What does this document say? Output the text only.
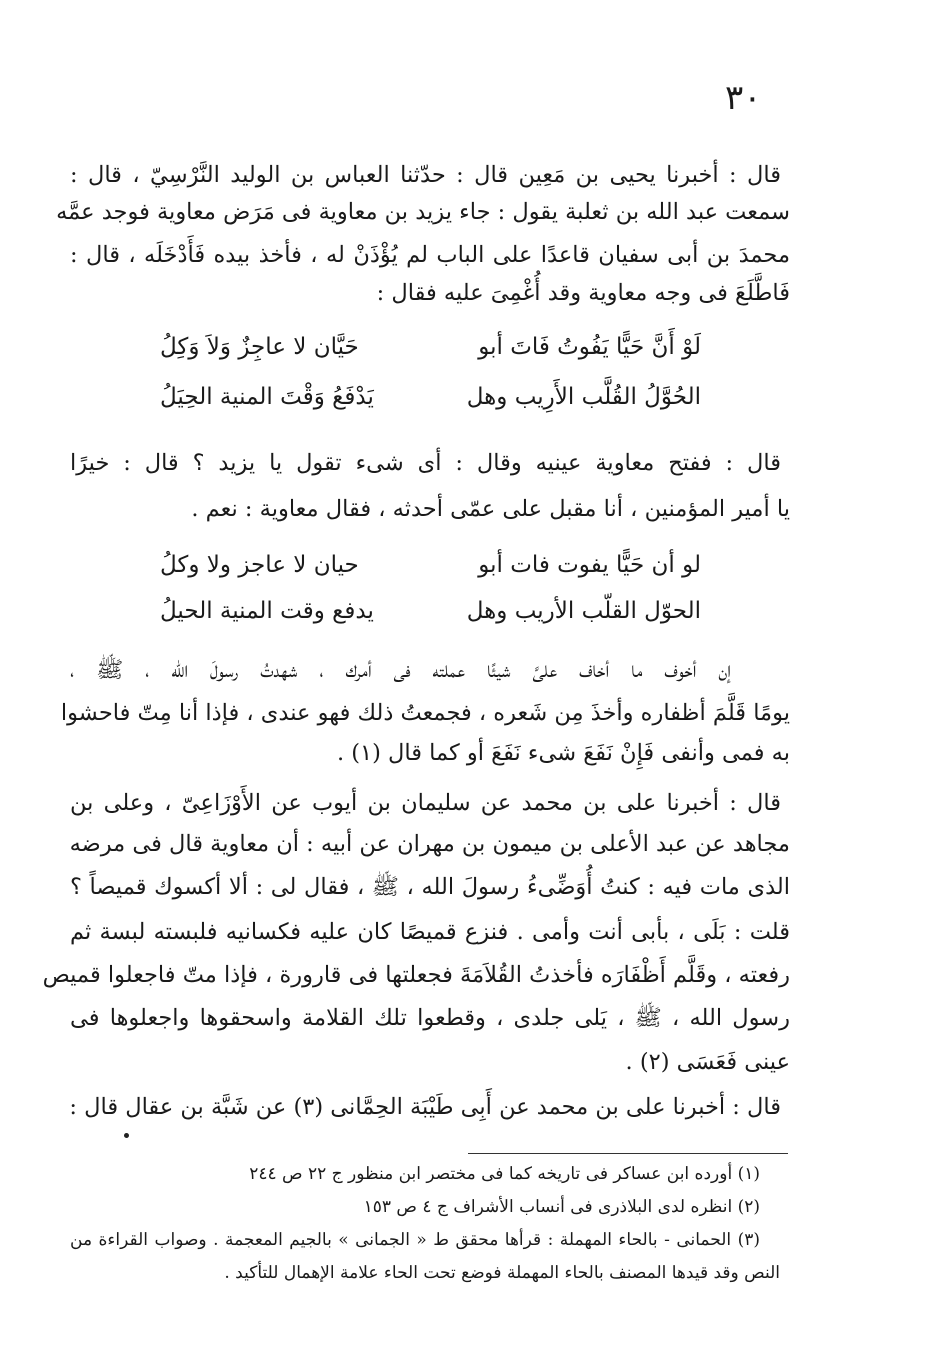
٣٠
قال : أخبرنا يحيى بن مَعِين قال : حدّثنا العباس بن الوليد النَّرْسِيّ ، قال :
سمعت عبد الله بن ثعلبة يقول : جاء يزيد بن معاوية فى مَرَض معاوية فوجد عمَّه
محمدَ بن أبى سفيان قاعدًا على الباب لم يُؤْذَنْ له ، فأخذ بيده فَأَدْخَلَه ، قال :
فَاطَّلَعَ فى وجه معاوية وقد أُغْمِىَ عليه فقال :
لَوْ أَنَّ حَيًّا يَفُوتُ فَاتَ أبو
حَيَّان لا عاجِزٌ وَلاَ وَكِلُ
الحُوَّلُ القُلَّب الأَرِيب وهل
يَدْفَعُ وَقْتَ المنية الحِيَلُ
قال : ففتح معاوية عينيه وقال : أى شىء تقول يا يزيد ؟ قال : خيرًا
يا أمير المؤمنين ، أنا مقبل على عمّى أحدثه ، فقال معاوية : نعم .
لو أن حَيًّا يفوت فات أبو
حيان لا عاجز ولا وكلُ
الحوّل القلّب الأريب وهل
يدفع وقت المنية الحيلُ
إن أخوف ما أخاف علىَّ شيئًا عملته فى أمرك ، شهدتُ رسولَ الله ، ﷺ ،
يومًا قَلَّمَ أظفاره وأخذَ مِن شَعره ، فجمعتُ ذلك فهو عندى ، فإذا أنا مِتّ فاحشوا
به فمى وأنفى فَإِنْ نَفَعَ شىء نَفَعَ أو كما قال (١) .
قال : أخبرنا على بن محمد عن سليمان بن أيوب عن الأَوْزَاعِىّ ، وعلى بن
مجاهد عن عبد الأعلى بن ميمون بن مهران عن أبيه : أن معاوية قال فى مرضه
الذى مات فيه : كنتُ أُوَضِّىءُ رسولَ الله ، ﷺ ، فقال لى : ألا أكسوك قميصاً ؟
قلت : بَلَى ، بأبى أنت وأمى . فنزع قميصًا كان عليه فكسانيه فلبسته لبسة ثم
رفعته ، وقَلَّم أَظْفَارَه فأخذتُ القُلاَمَةَ فجعلتها فى قارورة ، فإذا متّ فاجعلوا قميص
رسول الله ، ﷺ ، يَلى جلدى ، وقطعوا تلك القلامة واسحقوها واجعلوها فى
عينى فَعَسَى (٢) .
قال : أخبرنا على بن محمد عن أَبِى طَيْبَة الحِمَّانى (٣) عن شَبَّة بن عقال قال :
(١) أورده ابن عساكر فى تاريخه كما فى مختصر ابن منظور ج ٢٢ ص ٢٤٤
(٢) انظره لدى البلاذرى فى أنساب الأشراف ج ٤ ص ١٥٣
(٣) الحمانى - بالحاء المهملة : قرأها محقق ط « الجمانى » بالجيم المعجمة . وصواب القراءة من
النص وقد قيدها المصنف بالحاء المهملة فوضع تحت الحاء علامة الإهمال للتأكيد .
